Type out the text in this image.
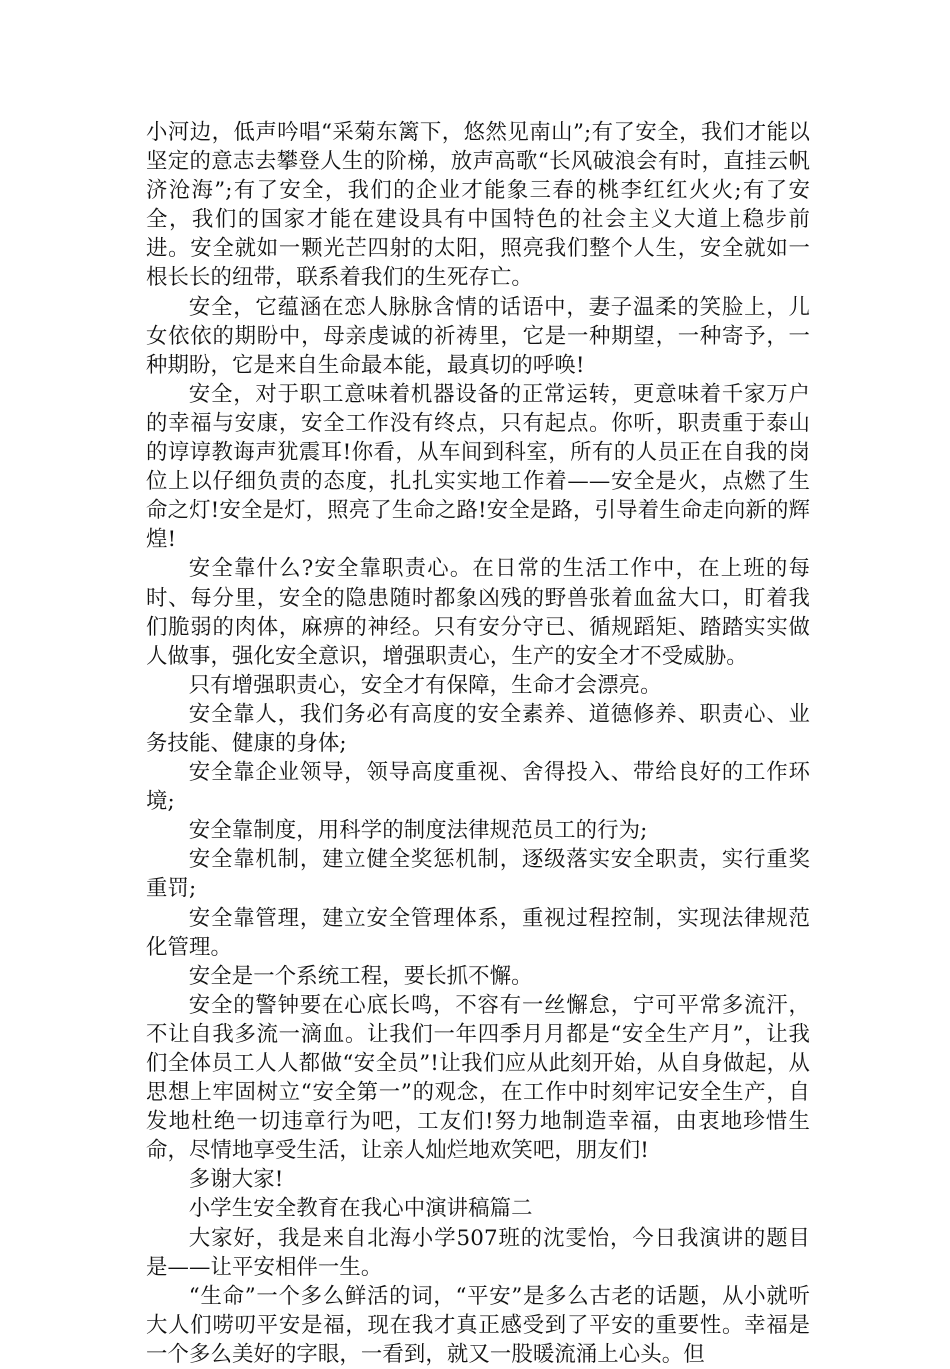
小河边，低声吟唱“采菊东篱下，悠然见南山”;有了安全，我们才能以坚定的意志去攀登人生的阶梯，放声高歌“长风破浪会有时，直挂云帆济沧海”;有了安全，我们的企业才能象三春的桃李红红火火;有了安全，我们的国家才能在建设具有中国特色的社会主义大道上稳步前进。安全就如一颗光芒四射的太阳，照亮我们整个人生，安全就如一根长长的纽带，联系着我们的生死存亡。

安全，它蕴涵在恋人脉脉含情的话语中，妻子温柔的笑脸上，儿女依依的期盼中，母亲虔诚的祈祷里，它是一种期望，一种寄予，一种期盼，它是来自生命最本能，最真切的呼唤!

安全，对于职工意味着机器设备的正常运转，更意味着千家万户的幸福与安康，安全工作没有终点，只有起点。你听，职责重于泰山的谆谆教诲声犹震耳!你看，从车间到科室，所有的人员正在自我的岗位上以仔细负责的态度，扎扎实实地工作着——安全是火，点燃了生命之灯!安全是灯，照亮了生命之路!安全是路，引导着生命走向新的辉煌!

安全靠什么?安全靠职责心。在日常的生活工作中，在上班的每时、每分里，安全的隐患随时都象凶残的野兽张着血盆大口，盯着我们脆弱的肉体，麻痹的神经。只有安分守已、循规蹈矩、踏踏实实做人做事，强化安全意识，增强职责心，生产的安全才不受威胁。

只有增强职责心，安全才有保障，生命才会漂亮。

安全靠人，我们务必有高度的安全素养、道德修养、职责心、业务技能、健康的身体;

安全靠企业领导，领导高度重视、舍得投入、带给良好的工作环境;

安全靠制度，用科学的制度法律规范员工的行为;

安全靠机制，建立健全奖惩机制，逐级落实安全职责，实行重奖重罚;

安全靠管理，建立安全管理体系，重视过程控制，实现法律规范化管理。

安全是一个系统工程，要长抓不懈。

安全的警钟要在心底长鸣，不容有一丝懈怠，宁可平常多流汗，不让自我多流一滴血。让我们一年四季月月都是“安全生产月”，让我们全体员工人人都做“安全员”!让我们应从此刻开始，从自身做起，从思想上牢固树立“安全第一”的观念，在工作中时刻牢记安全生产，自发地杜绝一切违章行为吧，工友们!努力地制造幸福，由衷地珍惜生命，尽情地享受生活，让亲人灿烂地欢笑吧，朋友们!

多谢大家!

小学生安全教育在我心中演讲稿篇二

大家好，我是来自北海小学507班的沈雯怡，今日我演讲的题目是——让平安相伴一生。

“生命”一个多么鲜活的词，“平安”是多么古老的话题，从小就听大人们唠叨平安是福，现在我才真正感受到了平安的重要性。幸福是一个多么美好的字眼，一看到，就又一股暖流涌上心头。但
